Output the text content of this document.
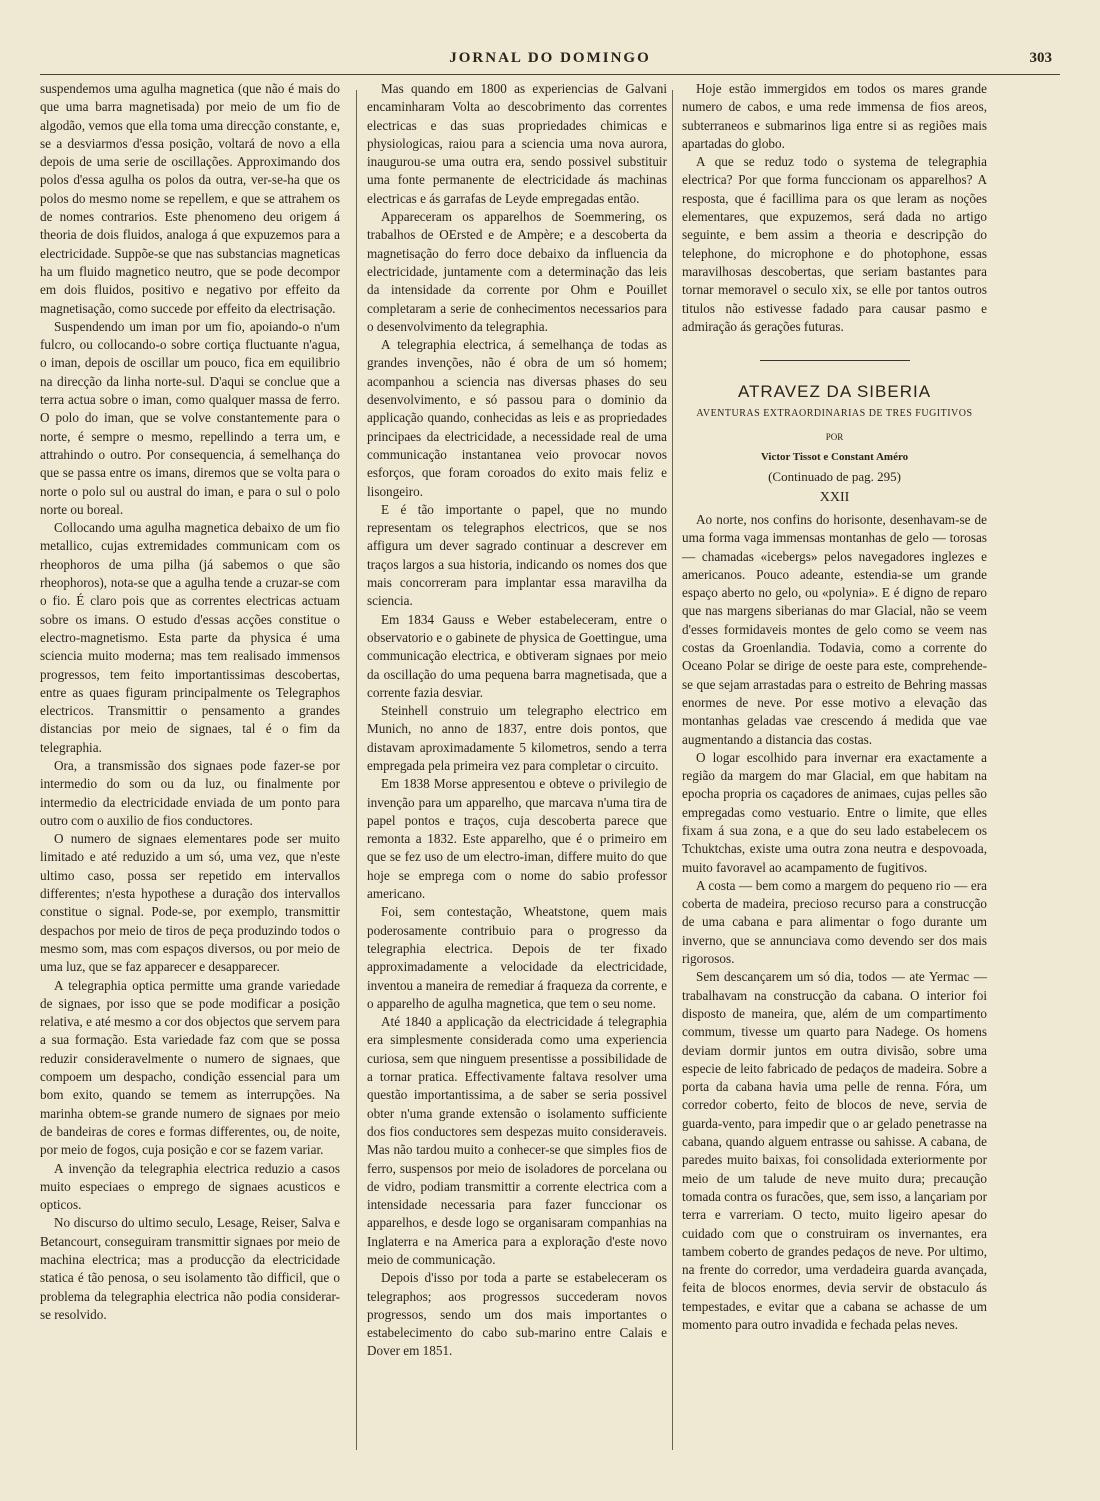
JORNAL DO DOMINGO	303

suspendemos uma agulha magnetica (que não é mais do que uma barra magnetisada) por meio de um fio de algodão, vemos que ella toma uma direcção constante, e, se a desviarmos d'essa posição, voltará de novo a ella depois de uma serie de oscillações. Approximando dos polos d'essa agulha os polos da outra, ver-se-ha que os polos do mesmo nome se repellem, e que se attrahem os de nomes contrarios. Este phenomeno deu origem á theoria de dois fluidos, analoga á que expuzemos para a electricidade. Suppõe-se que nas substancias magneticas ha um fluido magnetico neutro, que se pode decompor em dois fluidos, positivo e negativo por effeito da magnetisação, como succede por effeito da electrisação.

Suspendendo um iman por um fio, apoiando-o n'um fulcro, ou collocando-o sobre cortiça fluctuante n'agua, o iman, depois de oscillar um pouco, fica em equilibrio na direcção da linha norte-sul. D'aqui se conclue que a terra actua sobre o iman, como qualquer massa de ferro. O polo do iman, que se volve constantemente para o norte, é sempre o mesmo, repellindo a terra um, e attrahindo o outro. Por consequencia, á semelhança do que se passa entre os imans, diremos que se volta para o norte o polo sul ou austral do iman, e para o sul o polo norte ou boreal.

Collocando uma agulha magnetica debaixo de um fio metallico, cujas extremidades communicam com os rheophoros de uma pilha (já sabemos o que são rheophoros), nota-se que a agulha tende a cruzar-se com o fio. É claro pois que as correntes electricas actuam sobre os imans. O estudo d'essas acções constitue o electro-magnetismo. Esta parte da physica é uma sciencia muito moderna; mas tem realisado immensos progressos, tem feito importantissimas descobertas, entre as quaes figuram principalmente os Telegraphos electricos. Transmittir o pensamento a grandes distancias por meio de signaes, tal é o fim da telegraphia.

Ora, a transmissão dos signaes pode fazer-se por intermedio do som ou da luz, ou finalmente por intermedio da electricidade enviada de um ponto para outro com o auxilio de fios conductores.

O numero de signaes elementares pode ser muito limitado e até reduzido a um só, uma vez, que n'este ultimo caso, possa ser repetido em intervallos differentes; n'esta hypothese a duração dos intervallos constitue o signal. Pode-se, por exemplo, transmittir despachos por meio de tiros de peça produzindo todos o mesmo som, mas com espaços diversos, ou por meio de uma luz, que se faz apparecer e desapparecer.

A telegraphia optica permitte uma grande variedade de signaes, por isso que se pode modificar a posição relativa, e até mesmo a cor dos objectos que servem para a sua formação. Esta variedade faz com que se possa reduzir consideravelmente o numero de signaes, que compoem um despacho, condição essencial para um bom exito, quando se temem as interrupções. Na marinha obtem-se grande numero de signaes por meio de bandeiras de cores e formas differentes, ou, de noite, por meio de fogos, cuja posição e cor se fazem variar.

A invenção da telegraphia electrica reduzio a casos muito especiaes o emprego de signaes acusticos e opticos.

No discurso do ultimo seculo, Lesage, Reiser, Salva e Betancourt, conseguiram transmittir signaes por meio de machina electrica; mas a producção da electricidade statica é tão penosa, o seu isolamento tão difficil, que o problema da telegraphia electrica não podia considerar-se resolvido.

Mas quando em 1800 as experiencias de Galvani encaminharam Volta ao descobrimento das correntes electricas e das suas propriedades chimicas e physiologicas, raiou para a sciencia uma nova aurora, inaugurou-se uma outra era, sendo possivel substituir uma fonte permanente de electricidade ás machinas electricas e ás garrafas de Leyde empregadas então.

Appareceram os apparelhos de Soemmering, os trabalhos de OErsted e de Ampère; e a descoberta da magnetisação do ferro doce debaixo da influencia da electricidade, juntamente com a determinação das leis da intensidade da corrente por Ohm e Pouillet completaram a serie de conhecimentos necessarios para o desenvolvimento da telegraphia.

A telegraphia electrica, á semelhança de todas as grandes invenções, não é obra de um só homem; acompanhou a sciencia nas diversas phases do seu desenvolvimento, e só passou para o dominio da applicação quando, conhecidas as leis e as propriedades principaes da electricidade, a necessidade real de uma communicação instantanea veio provocar novos esforços, que foram coroados do exito mais feliz e lisongeiro.

E é tão importante o papel, que no mundo representam os telegraphos electricos, que se nos affigura um dever sagrado continuar a descrever em traços largos a sua historia, indicando os nomes dos que mais concorreram para implantar essa maravilha da sciencia.

Em 1834 Gauss e Weber estabeleceram, entre o observatorio e o gabinete de physica de Goettingue, uma communicação electrica, e obtiveram signaes por meio da oscillação do uma pequena barra magnetisada, que a corrente fazia desviar.

Steinhell construio um telegrapho electrico em Munich, no anno de 1837, entre dois pontos, que distavam aproximadamente 5 kilometros, sendo a terra empregada pela primeira vez para completar o circuito.

Em 1838 Morse appresentou e obteve o privilegio de invenção para um apparelho, que marcava n'uma tira de papel pontos e traços, cuja descoberta parece que remonta a 1832. Este apparelho, que é o primeiro em que se fez uso de um electro-iman, differe muito do que hoje se emprega com o nome do sabio professor americano.

Foi, sem contestação, Wheatstone, quem mais poderosamente contribuio para o progresso da telegraphia electrica. Depois de ter fixado approximadamente a velocidade da electricidade, inventou a maneira de remediar á fraqueza da corrente, e o apparelho de agulha magnetica, que tem o seu nome.

Até 1840 a applicação da electricidade á telegraphia era simplesmente considerada como uma experiencia curiosa, sem que ninguem presentisse a possibilidade de a tornar pratica. Effectivamente faltava resolver uma questão importantissima, a de saber se seria possivel obter n'uma grande extensão o isolamento sufficiente dos fios conductores sem despezas muito consideraveis. Mas não tardou muito a conhecer-se que simples fios de ferro, suspensos por meio de isoladores de porcelana ou de vidro, podiam transmittir a corrente electrica com a intensidade necessaria para fazer funccionar os apparelhos, e desde logo se organisaram companhias na Inglaterra e na America para a exploração d'este novo meio de communicação.

Depois d'isso por toda a parte se estabeleceram os telegraphos; aos progressos succederam novos progressos, sendo um dos mais importantes o estabelecimento do cabo sub-marino entre Calais e Dover em 1851.

Hoje estão immergidos em todos os mares grande numero de cabos, e uma rede immensa de fios areos, subterraneos e submarinos liga entre si as regiões mais apartadas do globo.

A que se reduz todo o systema de telegraphia electrica? Por que forma funccionam os apparelhos? A resposta, que é facillima para os que leram as noções elementares, que expuzemos, será dada no artigo seguinte, e bem assim a theoria e descripção do telephone, do microphone e do photophone, essas maravilhosas descobertas, que seriam bastantes para tornar memoravel o seculo xix, se elle por tantos outros titulos não estivesse fadado para causar pasmo e admiração ás gerações futuras.

ATRAVEZ DA SIBERIA

AVENTURAS EXTRAORDINARIAS DE TRES FUGITIVOS

POR

Victor Tissot e Constant Améro

(Continuado de pag. 295)

XXII

Ao norte, nos confins do horisonte, desenhavam-se de uma forma vaga immensas montanhas de gelo — torosas — chamadas «icebergs» pelos navegadores inglezes e americanos. Pouco adeante, estendia-se um grande espaço aberto no gelo, ou «polynia». E é digno de reparo que nas margens siberianas do mar Glacial, não se veem d'esses formidaveis montes de gelo como se veem nas costas da Groenlandia. Todavia, como a corrente do Oceano Polar se dirige de oeste para este, comprehende-se que sejam arrastadas para o estreito de Behring massas enormes de neve. Por esse motivo a elevação das montanhas geladas vae crescendo á medida que vae augmentando a distancia das costas.

O logar escolhido para invernar era exactamente a região da margem do mar Glacial, em que habitam na epocha propria os caçadores de animaes, cujas pelles são empregadas como vestuario. Entre o limite, que elles fixam á sua zona, e a que do seu lado estabelecem os Tchuktchas, existe uma outra zona neutra e despovoada, muito favoravel ao acampamento de fugitivos.

A costa — bem como a margem do pequeno rio — era coberta de madeira, precioso recurso para a construcção de uma cabana e para alimentar o fogo durante um inverno, que se annunciava como devendo ser dos mais rigorosos.

Sem descançarem um só dia, todos — ate Yermac — trabalhavam na construcção da cabana. O interior foi disposto de maneira, que, além de um compartimento commum, tivesse um quarto para Nadege. Os homens deviam dormir juntos em outra divisão, sobre uma especie de leito fabricado de pedaços de madeira. Sobre a porta da cabana havia uma pelle de renna. Fóra, um corredor coberto, feito de blocos de neve, servia de guarda-vento, para impedir que o ar gelado penetrasse na cabana, quando alguem entrasse ou sahisse. A cabana, de paredes muito baixas, foi consolidada exteriormente por meio de um talude de neve muito dura; precaução tomada contra os furacões, que, sem isso, a lançariam por terra e varreriam. O tecto, muito ligeiro apesar do cuidado com que o construiram os invernantes, era tambem coberto de grandes pedaços de neve. Por ultimo, na frente do corredor, uma verdadeira guarda avançada, feita de blocos enormes, devia servir de obstaculo ás tempestades, e evitar que a cabana se achasse de um momento para outro invadida e fechada pelas neves.
